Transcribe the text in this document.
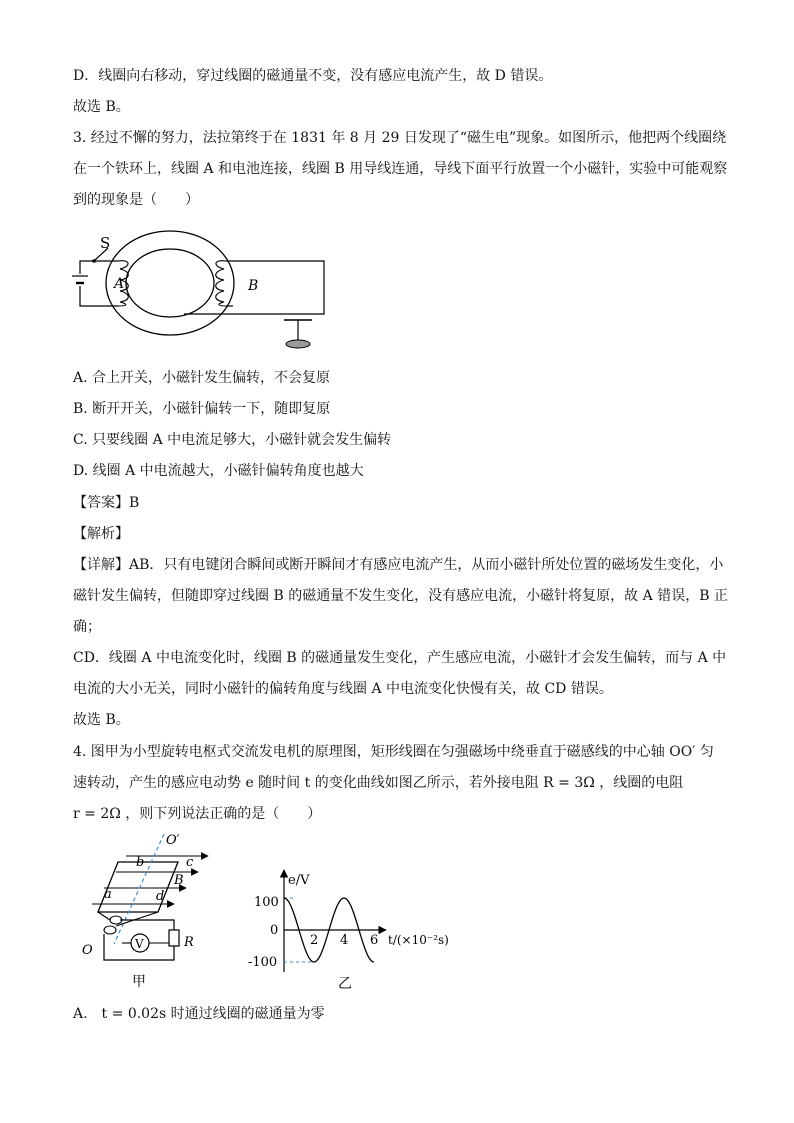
D．线圈向右移动，穿过线圈的磁通量不变，没有感应电流产生，故 D 错误。
故选 B。
3. 经过不懈的努力，法拉第终于在 1831 年 8 月 29 日发现了“磁生电”现象。如图所示，他把两个线圈绕
在一个铁环上，线圈 A 和电池连接，线圈 B 用导线连通，导线下面平行放置一个小磁针，实验中可能观察
到的现象是（　　）
S
A	B
A. 合上开关，小磁针发生偏转，不会复原
B. 断开开关，小磁针偏转一下，随即复原
C. 只要线圈 A 中电流足够大，小磁针就会发生偏转
D. 线圈 A 中电流越大，小磁针偏转角度也越大
【答案】B
【解析】
【详解】AB．只有电键闭合瞬间或断开瞬间才有感应电流产生，从而小磁针所处位置的磁场发生变化，小
磁针发生偏转，但随即穿过线圈 B 的磁通量不发生变化，没有感应电流，小磁针将复原，故 A 错误，B 正
确；
CD．线圈 A 中电流变化时，线圈 B 的磁通量发生变化，产生感应电流，小磁针才会发生偏转，而与 A 中
电流的大小无关，同时小磁针的偏转角度与线圈 A 中电流变化快慢有关，故 CD 错误。
故选 B。
4. 图甲为小型旋转电枢式交流发电机的原理图，矩形线圈在匀强磁场中绕垂直于磁感线的中心轴 OO′ 匀
速转动，产生的感应电动势 e 随时间 t 的变化曲线如图乙所示，若外接电阻 R = 3Ω ，线圈的电阻
r = 2Ω ，则下列说法正确的是（　　）
V
O′
b	c
B
a	d
O
R
甲
e/V
t/(×10⁻²s)
0
100
-100
2 4 6
乙
A.　t = 0.02s 时通过线圈的磁通量为零
